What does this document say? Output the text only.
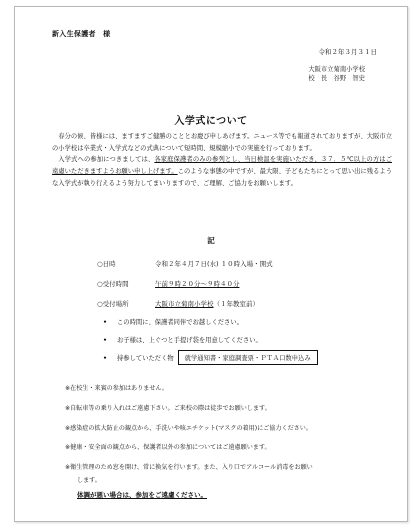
新入生保護者　様
令和２年３月３１日
大阪市立菊南小学校
校　長　谷野　智史
入学式について

春分の候、皆様には、ますますご健勝のこととお慶び申しあげます。ニュース等でも報道されておりますが、大阪市立の小学校は卒業式・入学式などの式典について短時間、規模縮小での実施を行っております。

入学式への参加につきましては、各家庭保護者のみの参列とし、当日検温を実施いただき、３７．５℃以上の方はご遠慮いただきますようお願い申し上げます。このような事態の中ですが、最大限、子どもたちにとって思い出に残るような入学式が執り行えるよう努力してまいりますので、ご理解、ご協力をお願いします。

記
○日時	令和２年４月７日(水) １０時入場・開式
○受付時間	午前９時２０分～９時４０分
○受付場所	大阪市立菊南小学校（１年教室前）
• この時間に、保護者同伴でお越しください。
• お子様は、上ぐつと手提げ袋を用意してください。
• 持参していただく物 就学通知書・家庭調査票・ＰＴＡ口数申込み
※在校生・来賓の参加はありません。
※自転車等の乗り入れはご遠慮下さい。ご来校の際は徒歩でお願いします。
※感染症の拡大防止の観点から、手洗いや咳エチケット(マスクの着用)にご協力ください。
※健康・安全面の観点から、保護者以外の参加についてはご遠慮願います。
※衛生管理のため窓を開け、常に換気を行います。また、入り口でアルコール消毒をお願い
します。
体調が悪い場合は、参加をご遠慮ください。
